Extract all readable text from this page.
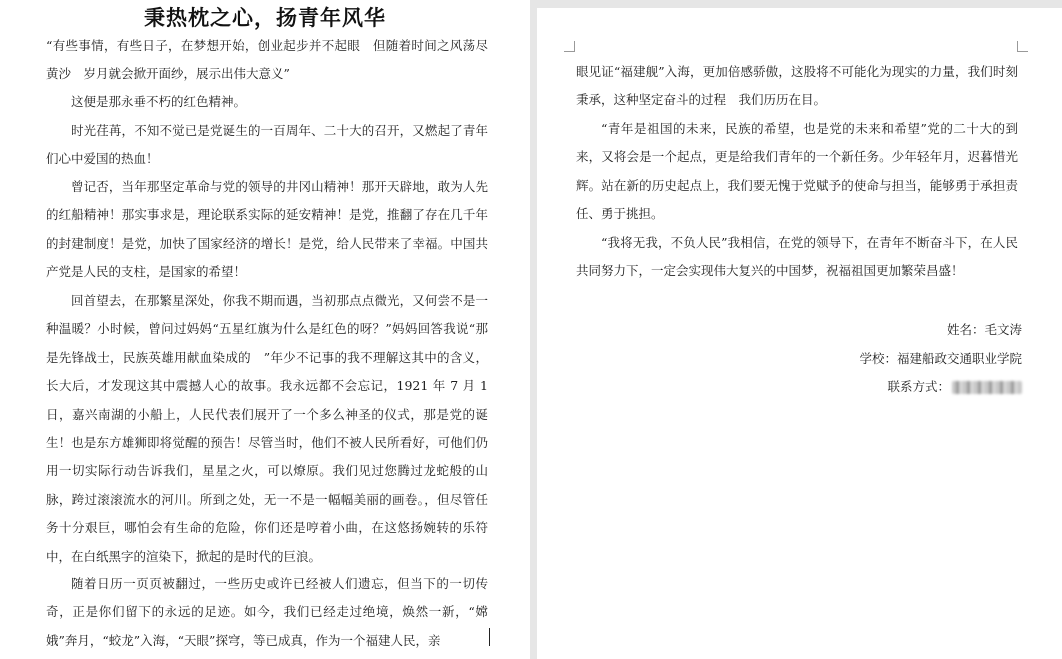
秉热枕之心，扬青年风华

“有些事情，有些日子，在梦想开始，创业起步并不起眼　但随着时间之风荡尽黄沙　岁月就会掀开面纱，展示出伟大意义”

这便是那永垂不朽的红色精神。

时光荏苒，不知不觉已是党诞生的一百周年、二十大的召开，又燃起了青年们心中爱国的热血！

曾记否，当年那坚定革命与党的领导的井冈山精神！那开天辟地，敢为人先的红船精神！那实事求是，理论联系实际的延安精神！是党，推翻了存在几千年的封建制度！是党，加快了国家经济的增长！是党，给人民带来了幸福。中国共产党是人民的支柱，是国家的希望！

回首望去，在那繁星深处，你我不期而遇，当初那点点微光，又何尝不是一种温暖？小时候，曾问过妈妈“五星红旗为什么是红色的呀？”妈妈回答我说“那是先锋战士，民族英雄用献血染成的　”年少不记事的我不理解这其中的含义，长大后，才发现这其中震撼人心的故事。我永远都不会忘记，1921 年 7 月 1 日，嘉兴南湖的小船上，人民代表们展开了一个多么神圣的仪式，那是党的诞生！也是东方雄狮即将觉醒的预告！尽管当时，他们不被人民所看好，可他们仍用一切实际行动告诉我们，星星之火，可以燎原。我们见过您腾过龙蛇般的山脉，跨过滚滚流水的河川。所到之处，无一不是一幅幅美丽的画卷。，但尽管任务十分艰巨，哪怕会有生命的危险，你们还是哼着小曲，在这悠扬婉转的乐符中，在白纸黑字的渲染下，掀起的是时代的巨浪。

随着日历一页页被翻过，一些历史或许已经被人们遗忘，但当下的一切传奇，正是你们留下的永远的足迹。如今，我们已经走过绝境，焕然一新，“嫦娥”奔月，“蛟龙”入海，“天眼”探穹，等已成真，作为一个福建人民，亲

眼见证“福建舰”入海，更加倍感骄傲，这股将不可能化为现实的力量，我们时刻秉承，这种坚定奋斗的过程　我们历历在目。

“青年是祖国的未来，民族的希望，也是党的未来和希望”党的二十大的到来，又将会是一个起点，更是给我们青年的一个新任务。少年轻年月，迟暮惜光辉。站在新的历史起点上，我们要无愧于党赋予的使命与担当，能够勇于承担责任、勇于挑担。

“我将无我，不负人民”我相信，在党的领导下，在青年不断奋斗下，在人民共同努力下，一定会实现伟大复兴的中国梦，祝福祖国更加繁荣昌盛！

姓名：毛文涛
学校：福建船政交通职业学院
联系方式：
